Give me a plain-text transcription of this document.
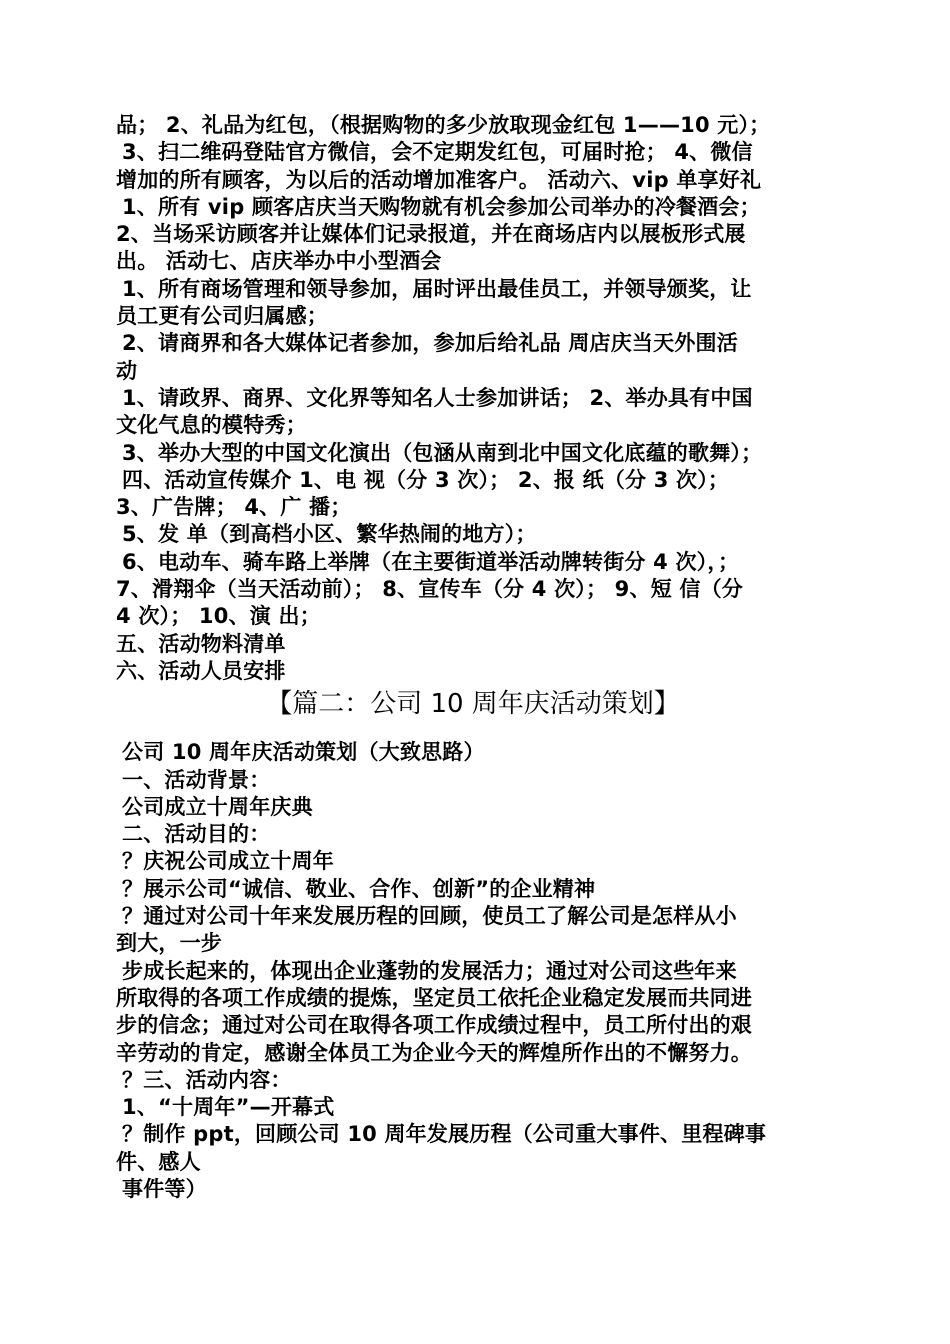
品； 2、礼品为红包，（根据购物的多少放取现金红包 1——10 元）；
3、扫二维码登陆官方微信，会不定期发红包，可届时抢； 4、微信
增加的所有顾客，为以后的活动增加准客户。 活动六、vip 单享好礼
1、所有 vip 顾客店庆当天购物就有机会参加公司举办的冷餐酒会；
2、当场采访顾客并让媒体们记录报道，并在商场店内以展板形式展
出。 活动七、店庆举办中小型酒会
1、所有商场管理和领导参加，届时评出最佳员工，并领导颁奖，让
员工更有公司归属感；
2、请商界和各大媒体记者参加，参加后给礼品 周店庆当天外围活
动
1、请政界、商界、文化界等知名人士参加讲话； 2、举办具有中国
文化气息的模特秀；
3、举办大型的中国文化演出（包涵从南到北中国文化底蕴的歌舞）；
四、活动宣传媒介 1、电 视（分 3 次）； 2、报 纸（分 3 次）；
3、广告牌； 4、广 播；
5、发 单（到高档小区、繁华热闹的地方）；
6、电动车、骑车路上举牌（在主要街道举活动牌转街分 4 次），；
7、滑翔伞（当天活动前）； 8、宣传车（分 4 次）； 9、短 信（分
4 次）； 10、演 出；
五、活动物料清单
六、活动人员安排
【篇二：公司 10 周年庆活动策划】
公司 10 周年庆活动策划（大致思路）
一、活动背景：
公司成立十周年庆典
二、活动目的：
？庆祝公司成立十周年
？展示公司“诚信、敬业、合作、创新”的企业精神
？通过对公司十年来发展历程的回顾，使员工了解公司是怎样从小
到大，一步
步成长起来的，体现出企业蓬勃的发展活力；通过对公司这些年来
所取得的各项工作成绩的提炼，坚定员工依托企业稳定发展而共同进
步的信念；通过对公司在取得各项工作成绩过程中，员工所付出的艰
辛劳动的肯定，感谢全体员工为企业今天的辉煌所作出的不懈努力。
？三、活动内容：
1、“十周年”—开幕式
？制作 ppt，回顾公司 10 周年发展历程（公司重大事件、里程碑事
件、感人
事件等）
